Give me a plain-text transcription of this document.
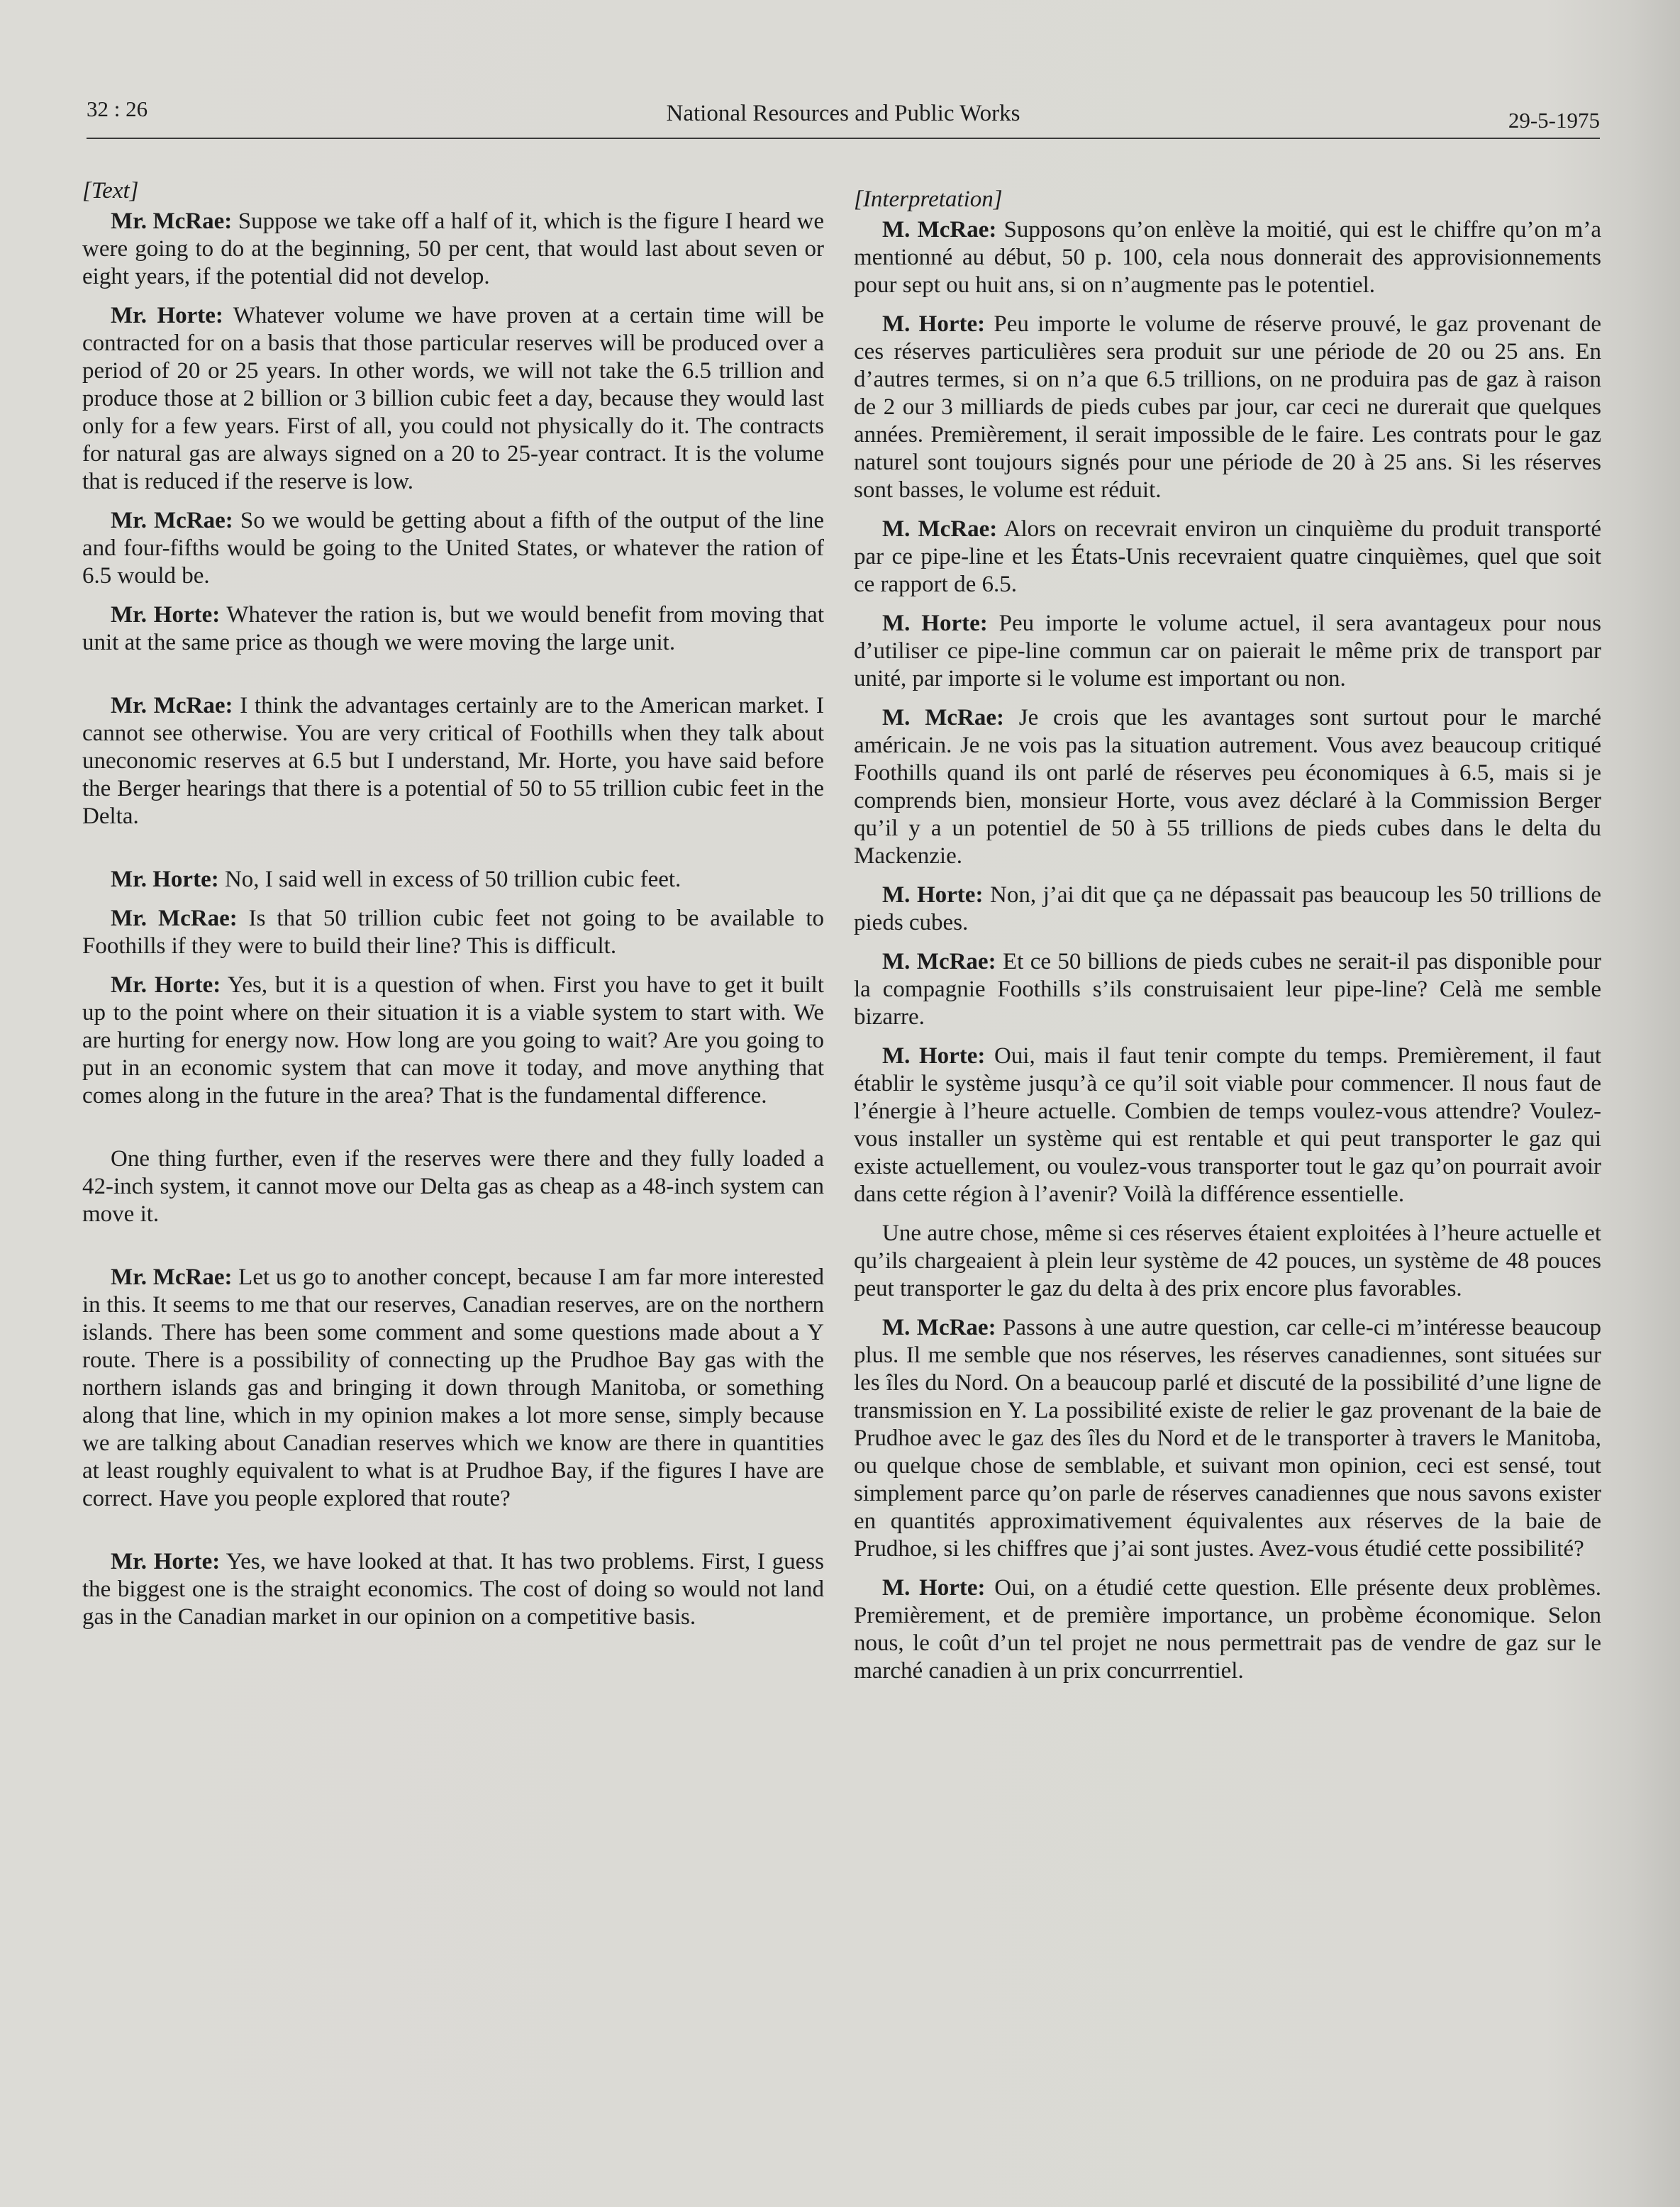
32 : 26	National Resources and Public Works	29-5-1975
[Text]

Mr. McRae: Suppose we take off a half of it, which is the figure I heard we were going to do at the beginning, 50 per cent, that would last about seven or eight years, if the potential did not develop.

Mr. Horte: Whatever volume we have proven at a certain time will be contracted for on a basis that those particular reserves will be produced over a period of 20 or 25 years. In other words, we will not take the 6.5 trillion and produce those at 2 billion or 3 billion cubic feet a day, because they would last only for a few years. First of all, you could not physically do it. The contracts for natural gas are always signed on a 20 to 25-year contract. It is the volume that is reduced if the reserve is low.

Mr. McRae: So we would be getting about a fifth of the output of the line and four-fifths would be going to the United States, or whatever the ration of 6.5 would be.

Mr. Horte: Whatever the ration is, but we would benefit from moving that unit at the same price as though we were moving the large unit.

Mr. McRae: I think the advantages certainly are to the American market. I cannot see otherwise. You are very critical of Foothills when they talk about uneconomic reserves at 6.5 but I understand, Mr. Horte, you have said before the Berger hearings that there is a potential of 50 to 55 trillion cubic feet in the Delta.

Mr. Horte: No, I said well in excess of 50 trillion cubic feet.

Mr. McRae: Is that 50 trillion cubic feet not going to be available to Foothills if they were to build their line? This is difficult.

Mr. Horte: Yes, but it is a question of when. First you have to get it built up to the point where on their situation it is a viable system to start with. We are hurting for energy now. How long are you going to wait? Are you going to put in an economic system that can move it today, and move anything that comes along in the future in the area? That is the fundamental difference.

One thing further, even if the reserves were there and they fully loaded a 42-inch system, it cannot move our Delta gas as cheap as a 48-inch system can move it.

Mr. McRae: Let us go to another concept, because I am far more interested in this. It seems to me that our reserves, Canadian reserves, are on the northern islands. There has been some comment and some questions made about a Y route. There is a possibility of connecting up the Prudhoe Bay gas with the northern islands gas and bringing it down through Manitoba, or something along that line, which in my opinion makes a lot more sense, simply because we are talking about Canadian reserves which we know are there in quantities at least roughly equivalent to what is at Prudhoe Bay, if the figures I have are correct. Have you people explored that route?

Mr. Horte: Yes, we have looked at that. It has two problems. First, I guess the biggest one is the straight economics. The cost of doing so would not land gas in the Canadian market in our opinion on a competitive basis.

[Interpretation]

M. McRae: Supposons qu’on enlève la moitié, qui est le chiffre qu’on m’a mentionné au début, 50 p. 100, cela nous donnerait des approvisionnements pour sept ou huit ans, si on n’augmente pas le potentiel.

M. Horte: Peu importe le volume de réserve prouvé, le gaz provenant de ces réserves particulières sera produit sur une période de 20 ou 25 ans. En d’autres termes, si on n’a que 6.5 trillions, on ne produira pas de gaz à raison de 2 our 3 milliards de pieds cubes par jour, car ceci ne durerait que quelques années. Premièrement, il serait impossible de le faire. Les contrats pour le gaz naturel sont toujours signés pour une période de 20 à 25 ans. Si les réserves sont basses, le volume est réduit.

M. McRae: Alors on recevrait environ un cinquième du produit transporté par ce pipe-line et les États-Unis recevraient quatre cinquièmes, quel que soit ce rapport de 6.5.

M. Horte: Peu importe le volume actuel, il sera avantageux pour nous d’utiliser ce pipe-line commun car on paierait le même prix de transport par unité, par importe si le volume est important ou non.

M. McRae: Je crois que les avantages sont surtout pour le marché américain. Je ne vois pas la situation autrement. Vous avez beaucoup critiqué Foothills quand ils ont parlé de réserves peu économiques à 6.5, mais si je comprends bien, monsieur Horte, vous avez déclaré à la Commission Berger qu’il y a un potentiel de 50 à 55 trillions de pieds cubes dans le delta du Mackenzie.

M. Horte: Non, j’ai dit que ça ne dépassait pas beaucoup les 50 trillions de pieds cubes.

M. McRae: Et ce 50 billions de pieds cubes ne serait-il pas disponible pour la compagnie Foothills s’ils construisaient leur pipe-line? Celà me semble bizarre.

M. Horte: Oui, mais il faut tenir compte du temps. Premièrement, il faut établir le système jusqu’à ce qu’il soit viable pour commencer. Il nous faut de l’énergie à l’heure actuelle. Combien de temps voulez-vous attendre? Voulez-vous installer un système qui est rentable et qui peut transporter le gaz qui existe actuellement, ou voulez-vous transporter tout le gaz qu’on pourrait avoir dans cette région à l’avenir? Voilà la différence essentielle.

Une autre chose, même si ces réserves étaient exploitées à l’heure actuelle et qu’ils chargeaient à plein leur système de 42 pouces, un système de 48 pouces peut transporter le gaz du delta à des prix encore plus favorables.

M. McRae: Passons à une autre question, car celle-ci m’intéresse beaucoup plus. Il me semble que nos réserves, les réserves canadiennes, sont situées sur les îles du Nord. On a beaucoup parlé et discuté de la possibilité d’une ligne de transmission en Y. La possibilité existe de relier le gaz provenant de la baie de Prudhoe avec le gaz des îles du Nord et de le transporter à travers le Manitoba, ou quelque chose de semblable, et suivant mon opinion, ceci est sensé, tout simplement parce qu’on parle de réserves canadiennes que nous savons exister en quantités approximativement équivalentes aux réserves de la baie de Prudhoe, si les chiffres que j’ai sont justes. Avez-vous étudié cette possibilité?

M. Horte: Oui, on a étudié cette question. Elle présente deux problèmes. Premièrement, et de première importance, un probème économique. Selon nous, le coût d’un tel projet ne nous permettrait pas de vendre de gaz sur le marché canadien à un prix concurrrentiel.
